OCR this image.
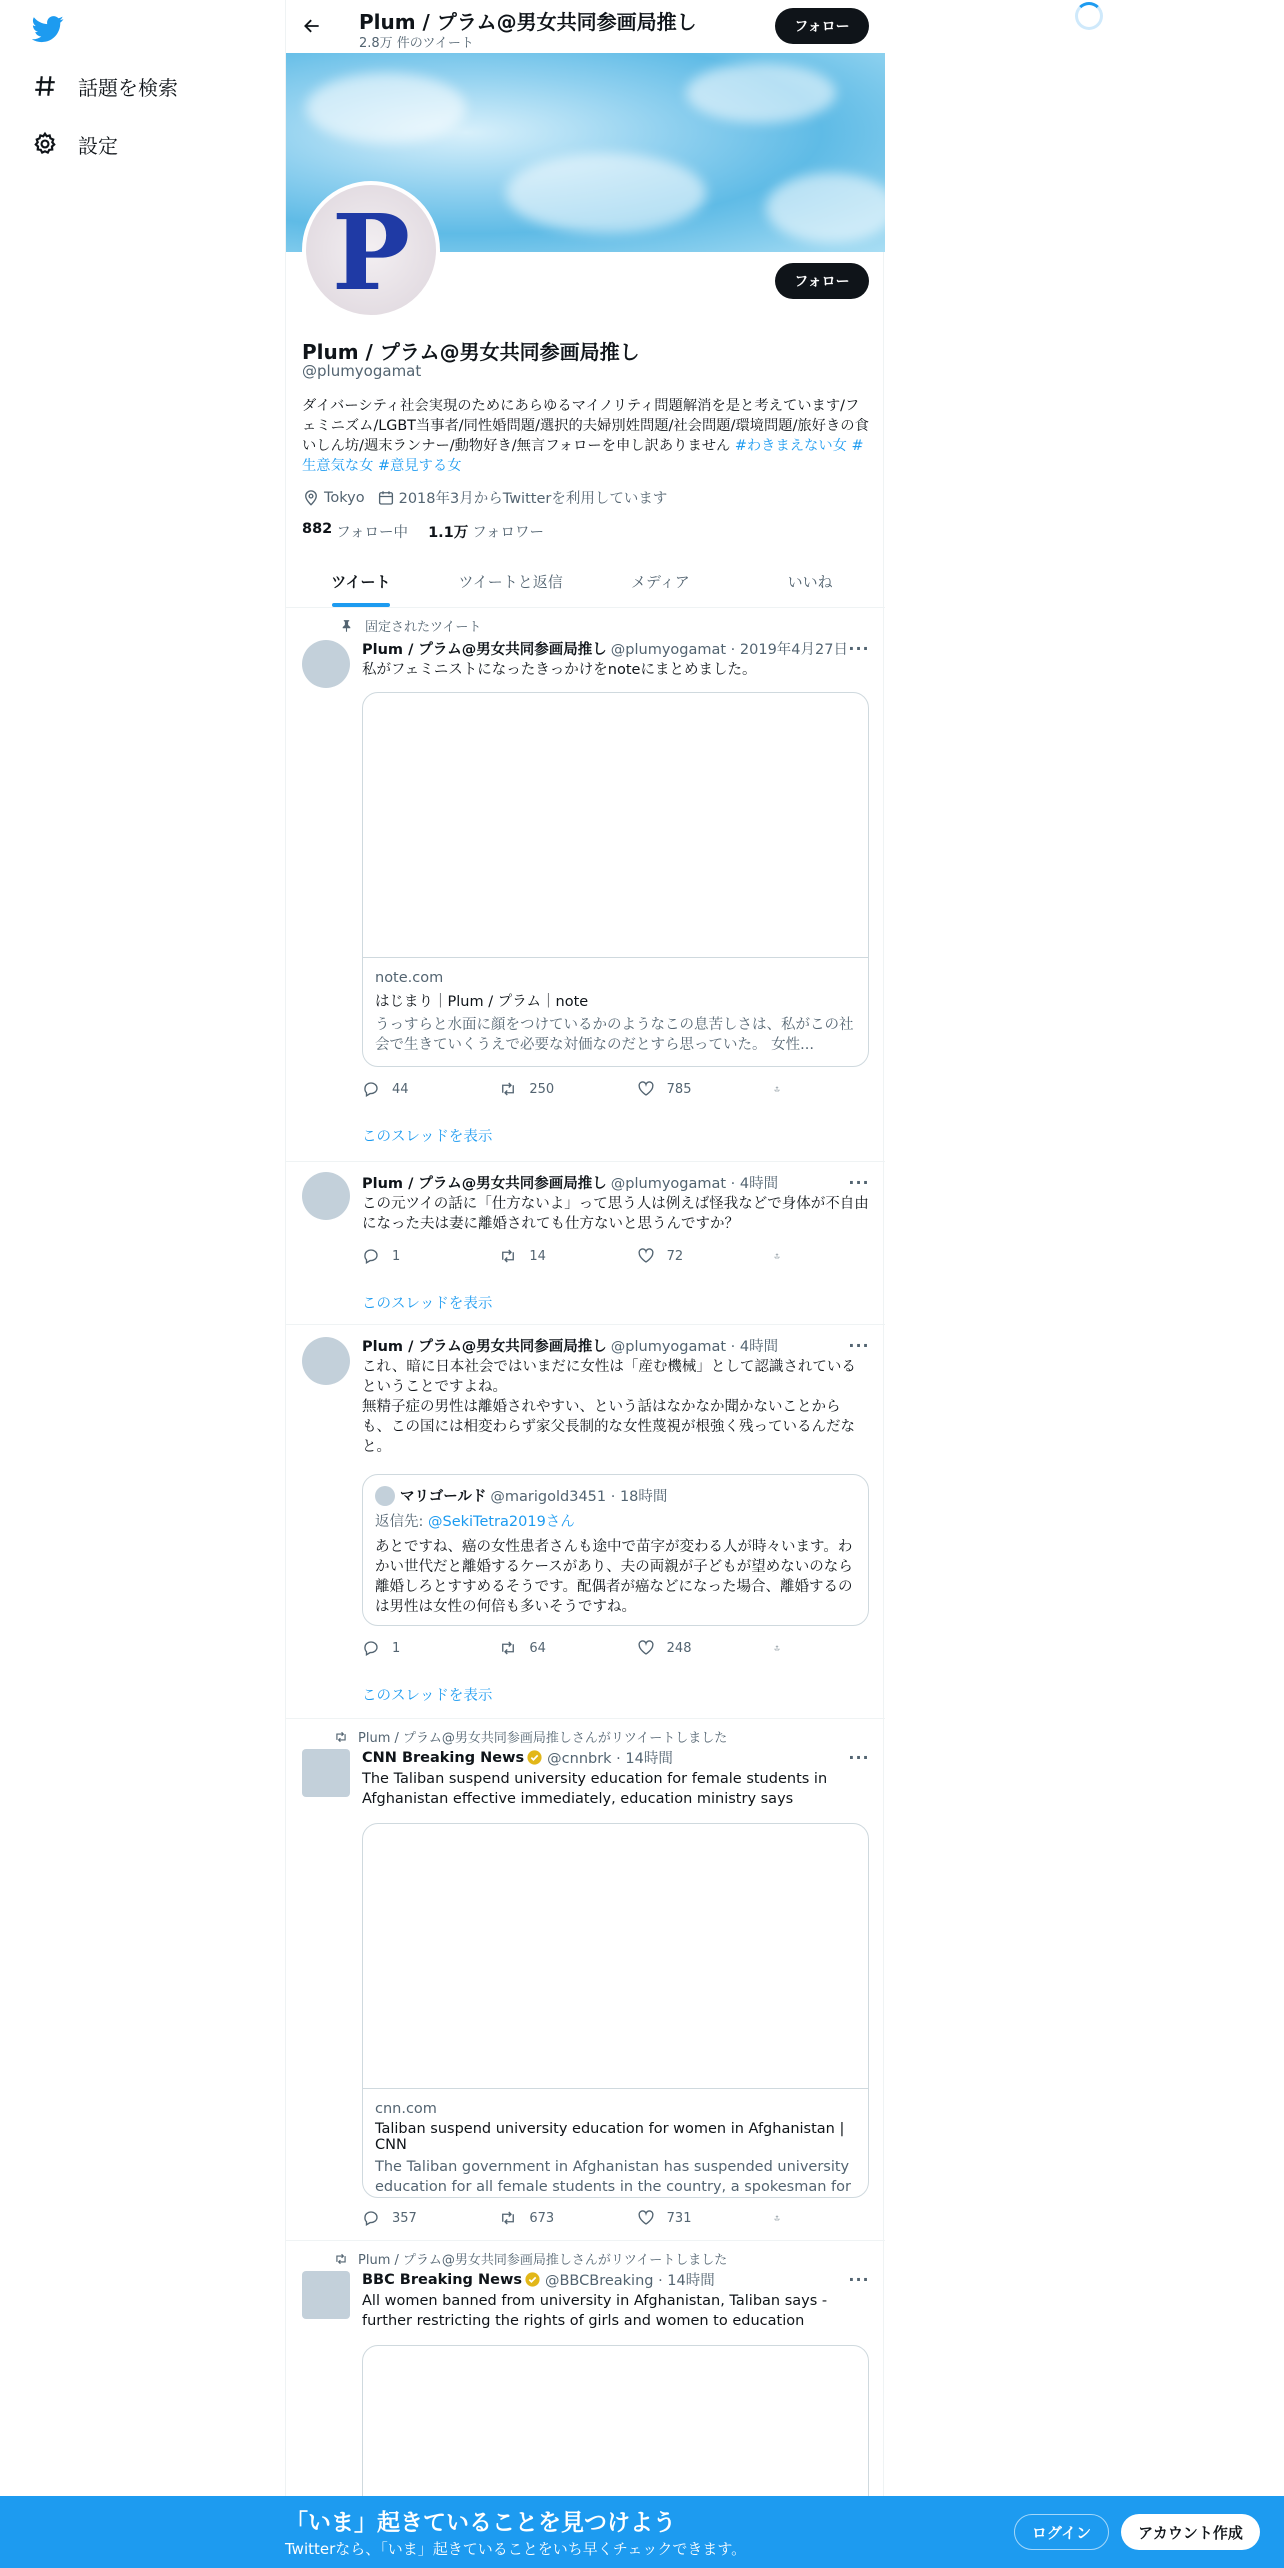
話題を検索
設定
Plum / プラム@男女共同参画局推し
2.8万 件のツイート
フォロー
P	フォロー
Plum / プラム@男女共同参画局推し
@plumyogamat
ダイバーシティ社会実現のためにあらゆるマイノリティ問題解消を是と考えています/フェミニズム/LGBT当事者/同性婚問題/選択的夫婦別姓問題/社会問題/環境問題/旅好きの食いしん坊/週末ランナー/動物好き/無言フォローを申し訳ありません #わきまえない女 #生意気な女 #意見する女
Tokyo 2018年3月からTwitterを利用しています
882 フォロー中 1.1万 フォロワー
ツイート	ツイートと返信	メディア	いいね
固定されたツイート
Plum / プラム@男女共同参画局推し @plumyogamat · 2019年4月27日 ···
私がフェミニストになったきっかけをnoteにまとめました。
note.com
はじまり｜Plum / プラム｜note
うっすらと水面に顔をつけているかのようなこの息苦しさは、私がこの社会で生きていくうえで必要な対価なのだとすら思っていた。 女性...
44	250	785
このスレッドを表示
Plum / プラム@男女共同参画局推し @plumyogamat · 4時間	···
この元ツイの話に「仕方ないよ」って思う人は例えば怪我などで身体が不自由になった夫は妻に離婚されても仕方ないと思うんですか？
1	14	72
このスレッドを表示
Plum / プラム@男女共同参画局推し @plumyogamat · 4時間	···
これ、暗に日本社会ではいまだに女性は「産む機械」として認識されているということですよね。
無精子症の男性は離婚されやすい、という話はなかなか聞かないことからも、この国には相変わらず家父長制的な女性蔑視が根強く残っているんだなと。
マリゴールド @marigold3451 · 18時間
返信先: @SekiTetra2019さん
あとですね、癌の女性患者さんも途中で苗字が変わる人が時々います。わかい世代だと離婚するケースがあり、夫の両親が子どもが望めないのなら離婚しろとすすめるそうです。配偶者が癌などになった場合、離婚するのは男性は女性の何倍も多いそうですね。
1	64	248
このスレッドを表示
Plum / プラム@男女共同参画局推しさんがリツイートしました
CNN Breaking News @cnnbrk · 14時間	···
The Taliban suspend university education for female students in Afghanistan effective immediately, education ministry says
cnn.com
Taliban suspend university education for women in Afghanistan | CNN
The Taliban government in Afghanistan has suspended university education for all female students in the country, a spokesman for
357	673	731
Plum / プラム@男女共同参画局推しさんがリツイートしました
BBC Breaking News @BBCBreaking · 14時間	···
All women banned from university in Afghanistan, Taliban says - further restricting the rights of girls and women to education
「いま」起きていることを見つけよう
Twitterなら、「いま」起きていることをいち早くチェックできます。
ログイン	アカウント作成
